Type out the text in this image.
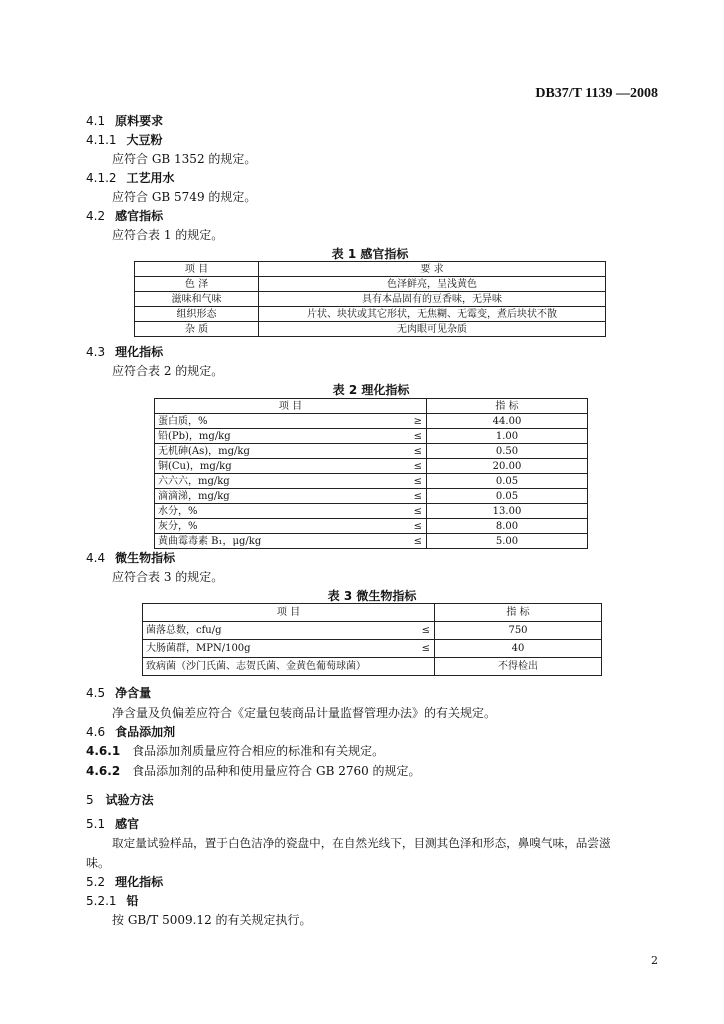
DB37/T 1139 —2008
4.1 原料要求
4.1.1 大豆粉
应符合 GB 1352 的规定。
4.1.2 工艺用水
应符合 GB 5749 的规定。
4.2 感官指标
应符合表 1 的规定。
表 1 感官指标
项 目	要 求
色 泽	色泽鲜亮，呈浅黄色
滋味和气味	具有本品固有的豆香味，无异味
组织形态	片状、块状或其它形状，无焦糊、无霉变，煮后块状不散
杂 质	无肉眼可见杂质
4.3 理化指标
应符合表 2 的规定。
表 2 理化指标
项 目		指 标
蛋白质，%	≥	44.00
铅(Pb)，mg/kg	≤	1.00
无机砷(As)，mg/kg	≤	0.50
铜(Cu)，mg/kg	≤	20.00
六六六，mg/kg	≤	0.05
滴滴涕，mg/kg	≤	0.05
水分，%	≤	13.00
灰分，%	≤	8.00
黄曲霉毒素 B₁，μg/kg	≤	5.00
4.4 微生物指标
应符合表 3 的规定。
表 3 微生物指标
项 目		指 标
菌落总数，cfu/g	≤	750
大肠菌群，MPN/100g	≤	40
致病菌（沙门氏菌、志贺氏菌、金黄色葡萄球菌）		不得检出
4.5 净含量
净含量及负偏差应符合《定量包装商品计量监督管理办法》的有关规定。
4.6 食品添加剂
4.6.1 食品添加剂质量应符合相应的标准和有关规定。
4.6.2 食品添加剂的品种和使用量应符合 GB 2760 的规定。
5 试验方法
5.1 感官
取定量试验样品，置于白色洁净的瓷盘中，在自然光线下，目测其色泽和形态，鼻嗅气味，品尝滋
味。
5.2 理化指标
5.2.1 铅
按 GB/T 5009.12 的有关规定执行。
2
